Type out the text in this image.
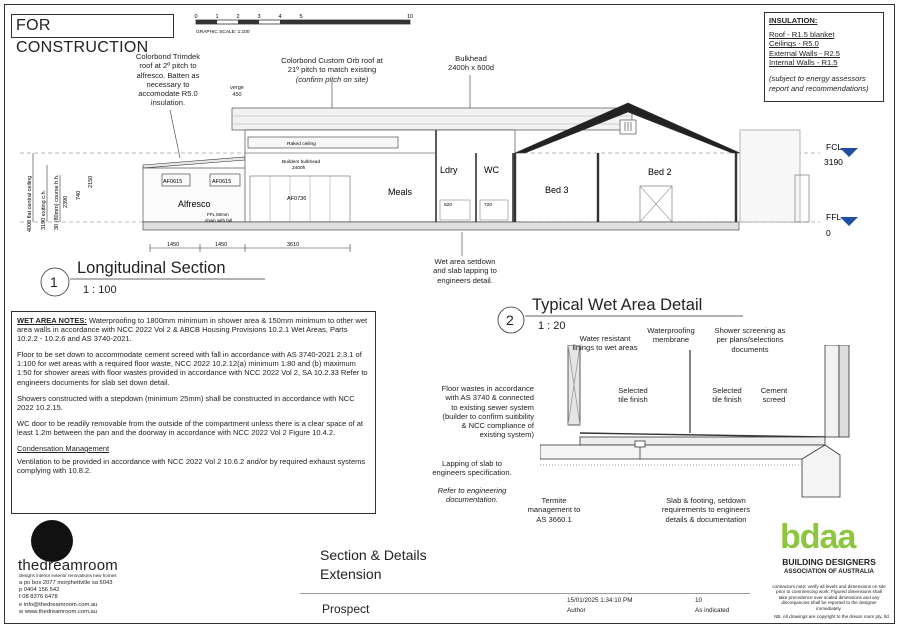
FOR CONSTRUCTION
0	1	2	3	4	5	10
GRAPHIC SCALE: 1:100
INSULATION:
Roof - R1.5 blanket
Ceilings - R5.0
External Walls - R2.5
Internal Walls - R1.5
(subject to energy assessors report and recommendations)
Colorbond Trimdek
roof at 2º pitch to
alfresco. Batten as
necessary to
accomodate R5.0
insulation.
Colorbond Custom Orb roof at
21º pitch to match existing
(confirm pitch on site)
Bulkhead
2400h x 600d
verge
450
FCL
3190
FFL
0
Alfresco
Meals
Ldry	WC
Bed 3
Bed 2
AF0615	AF0615
AF0736
820	720
Raked ceiling
Builders bulkhead
2400h
FFL 50mm
down with fall
4000 flat central ceiling 3190 exiting c.h. 30 (80mm) course h.h. 2390
2150
740
1450	1450	3610
Wet area setdown
and slab lapping to
engineers detail.
1
Longitudinal Section
1 : 100

WET AREA NOTES: Waterproofing to 1800mm minimum in shower area & 150mm minimum to other wet area walls in accordance with NCC 2022 Vol 2 & ABCB Housing Provisions 10.2.1 Wet Areas, Parts 10.2.2 - 10.2.6 and AS 3740-2021.

Floor to be set down to accommodate cement screed with fall in accordance with AS 3740-2021 2.3.1 of 1:100 for wet areas with a required floor waste, NCC 2022 10.2.12(a) minimum 1:80 and (b) maximum 1:50 for shower areas with floor wastes provided in accordance with NCC 2022 Vol 2, SA 10.2.33 Refer to engineers documents for slab set down detail.

Showers constructed with a stepdown (minimum 25mm) shall be constructed in accordance with NCC 2022 10.2.15.

WC door to be readily removable from the outside of the compartment unless there is a clear space of at least 1.2m between the pan and the doorway in accordance with NCC 2022 Vol 2 Figure 10.4.2.

Condensation Management

Ventilation to be provided in accordance with NCC 2022 Vol 2 10.6.2 and/or by required exhaust systems complying with 10.8.2.

2
Typical Wet Area Detail
1 : 20
Water resistant
linings to wet areas
Waterproofing
membrane
Shower screening as
per plans/selections
documents
Selected
tile finish
Selected
tile finish
Cement
screed
Floor wastes in accordance
with AS 3740 & connected
to existing sewer system
(builder to confirm suitibility
& NCC compliance of
existing system)
Lapping of slab to
engineers specification.
Refer to engineering
documentation.	Termite
management to
AS 3660.1
Slab & footing, setdown
requirements to engineers
details & documentation
thedreamroom
designs interior exterior renovations new homes
a po box 2077 morphettville sa 5043
p 0404 156 542
f 08 8376 6478
e info@thedreamroom.com.au
w www.thedreamroom.com.au
Section & Details
Extension
Prospect
15/01/2025 1:34:10 PM	10
Author	As indicated
bdaa
BUILDING DESIGNERS
ASSOCIATION OF AUSTRALIA
contractors note: verify all levels and dimensions on site prior to commencing work. Figured dimensions shall take precedence over scaled dimensions and any discrepancies shall be reported to the designer immediately.
NB. All drawings are copyright to the dream room pty. ltd.
